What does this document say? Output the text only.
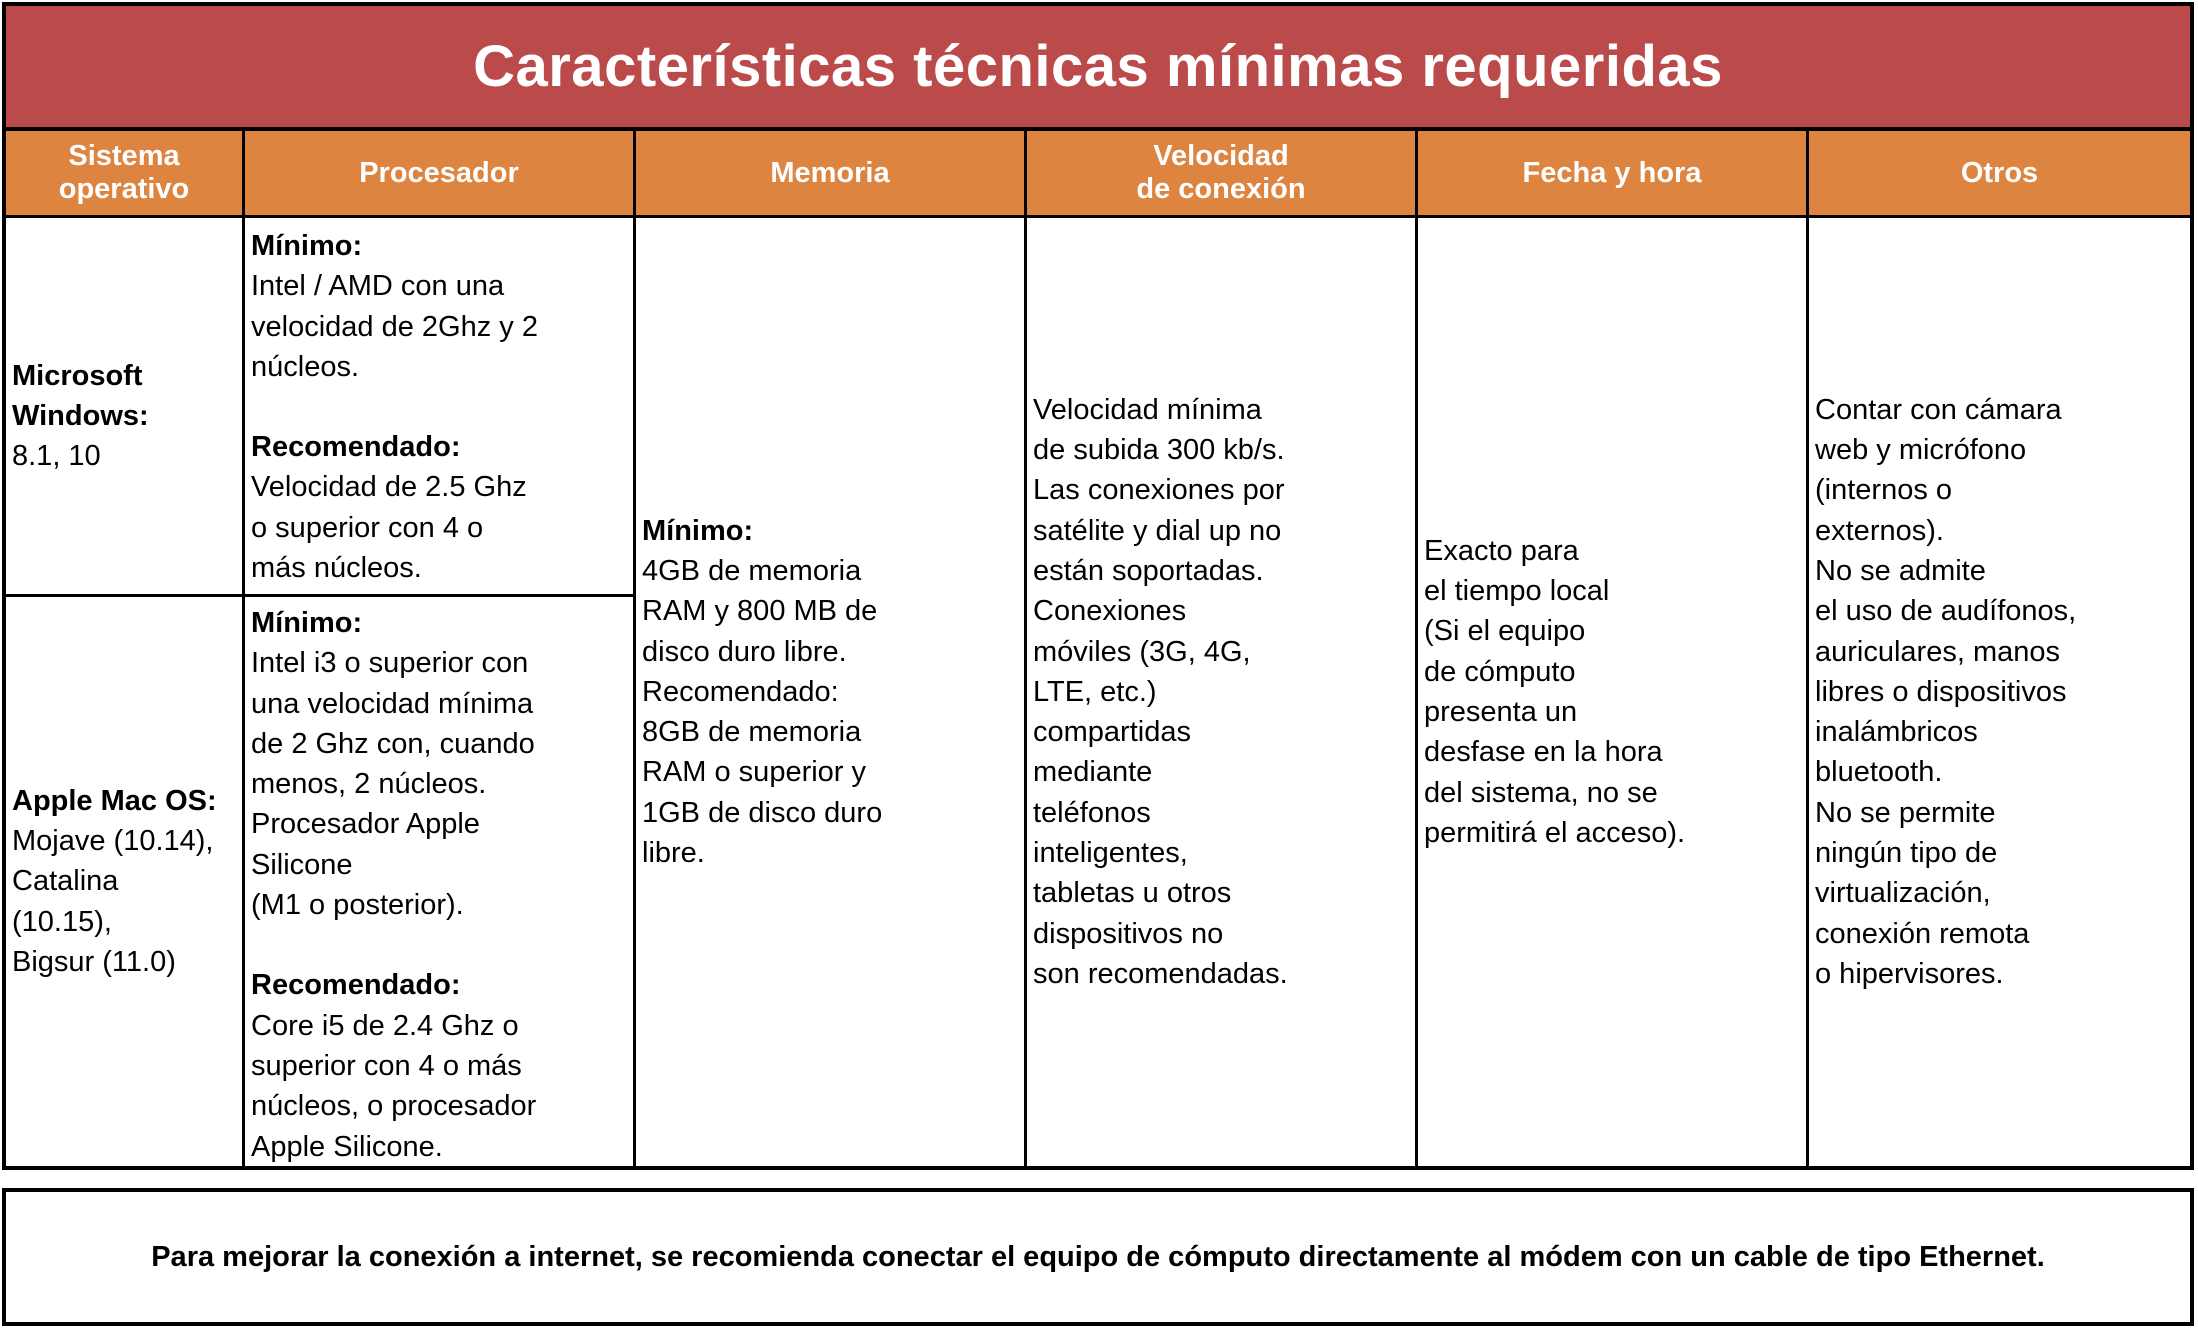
Características técnicas mínimas requeridas
Sistema
operativo
Procesador	Memoria
Velocidad
de conexión
Fecha y hora	Otros
Microsoft
Windows:
8.1, 10
Apple Mac OS:
Mojave (10.14),
Catalina
(10.15),
Bigsur (11.0)
Mínimo:
Intel / AMD con una
velocidad de 2Ghz y 2
núcleos.
Recomendado:
Velocidad de 2.5 Ghz
o superior con 4 o
más núcleos.
Mínimo:
Intel i3 o superior con
una velocidad mínima
de 2 Ghz con, cuando
menos, 2 núcleos.
Procesador Apple
Silicone
(M1 o posterior).
Recomendado:
Core i5 de 2.4 Ghz o
superior con 4 o más
núcleos, o procesador
Apple Silicone.
Mínimo:
4GB de memoria
RAM y 800 MB de
disco duro libre.
Recomendado:
8GB de memoria
RAM o superior y
1GB de disco duro
libre.
Velocidad mínima
de subida 300 kb/s.
Las conexiones por
satélite y dial up no
están soportadas.
Conexiones
móviles (3G, 4G,
LTE, etc.)
compartidas
mediante
teléfonos
inteligentes,
tabletas u otros
dispositivos no
son recomendadas.
Exacto para
el tiempo local
(Si el equipo
de cómputo
presenta un
desfase en la hora
del sistema, no se
permitirá el acceso).
Contar con cámara
web y micrófono
(internos o
externos).
No se admite
el uso de audífonos,
auriculares, manos
libres o dispositivos
inalámbricos
bluetooth.
No se permite
ningún tipo de
virtualización,
conexión remota
o hipervisores.

Para mejorar la conexión a internet, se recomienda conectar el equipo de cómputo directamente al módem con un cable de tipo Ethernet.
